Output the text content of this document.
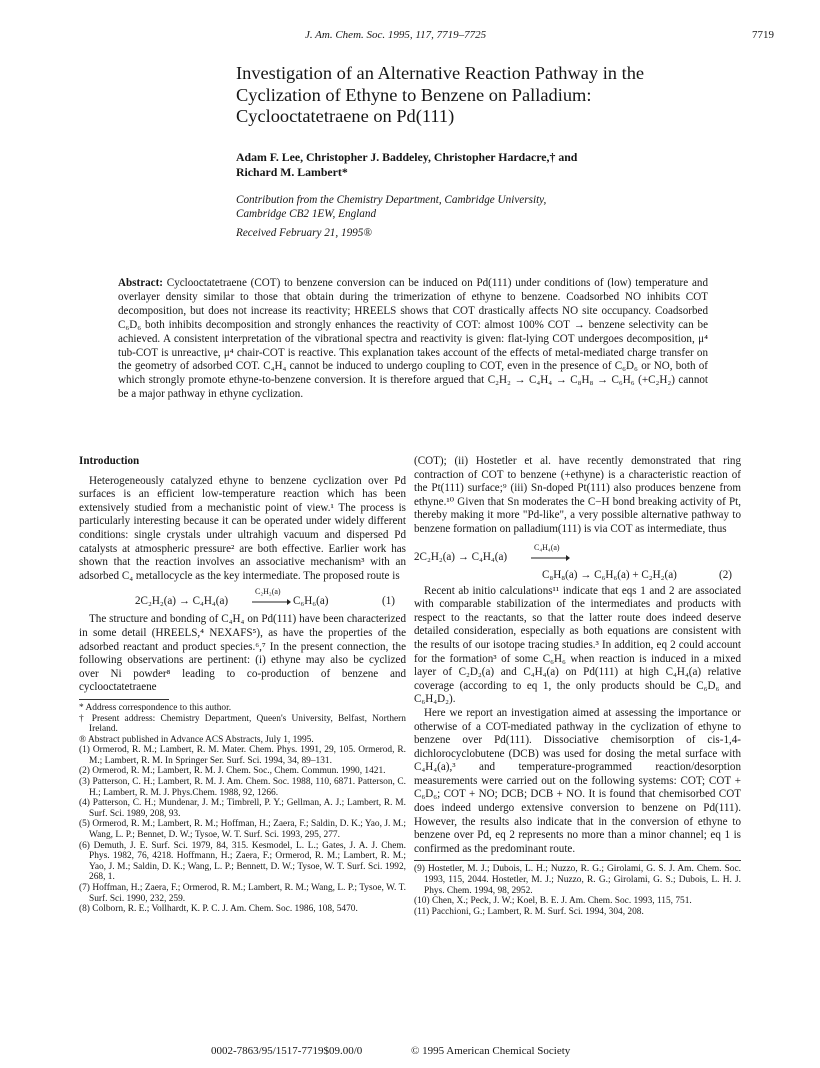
J. Am. Chem. Soc. 1995, 117, 7719–7725	7719
Investigation of an Alternative Reaction Pathway in the Cyclization of Ethyne to Benzene on Palladium: Cyclooctatetraene on Pd(111)
Adam F. Lee, Christopher J. Baddeley, Christopher Hardacre,† and
Richard M. Lambert*
Contribution from the Chemistry Department, Cambridge University,
Cambridge CB2 1EW, England
Received February 21, 1995®
Abstract: Cyclooctatetraene (COT) to benzene conversion can be induced on Pd(111) under conditions of (low) temperature and overlayer density similar to those that obtain during the trimerization of ethyne to benzene. Coadsorbed NO inhibits COT decomposition, but does not increase its reactivity; HREELS shows that COT drastically affects NO site occupancy. Coadsorbed C₆D₆ both inhibits decomposition and strongly enhances the reactivity of COT: almost 100% COT → benzene selectivity can be achieved. A consistent interpretation of the vibrational spectra and reactivity is given: flat-lying COT undergoes decomposition, μ⁴ tub-COT is unreactive, μ⁴ chair-COT is reactive. This explanation takes account of the effects of metal-mediated charge transfer on the geometry of adsorbed COT. C₄H₄ cannot be induced to undergo coupling to COT, even in the presence of C₆D₆ or NO, both of which strongly promote ethyne-to-benzene conversion. It is therefore argued that C₂H₂ → C₄H₄ → C₈H₈ → C₆H₆ (+C₂H₂) cannot be a major pathway in ethyne cyclization.
Introduction

Heterogeneously catalyzed ethyne to benzene cyclization over Pd surfaces is an efficient low-temperature reaction which has been extensively studied from a mechanistic point of view.¹ The process is particularly interesting because it can be operated under widely different conditions: single crystals under ultrahigh vacuum and dispersed Pd catalysts at atmospheric pressure² are both effective. Earlier work has shown that the reaction involves an associative mechanism³ with an adsorbed C₄ metallocycle as the key intermediate. The proposed route is

2C₂H₂(a) → C₄H₄(a)
C₂H₂(a)
C₆H₆(a)	(1)

The structure and bonding of C₄H₄ on Pd(111) have been characterized in some detail (HREELS,⁴ NEXAFS⁵), as have the properties of the adsorbed reactant and product species.⁶,⁷ In the present connection, the following observations are pertinent: (i) ethyne may also be cyclized over Ni powder⁸ leading to co-production of benzene and cyclooctatetraene

* Address correspondence to this author.
† Present address: Chemistry Department, Queen's University, Belfast, Northern Ireland.
® Abstract published in Advance ACS Abstracts, July 1, 1995.
(1) Ormerod, R. M.; Lambert, R. M. Mater. Chem. Phys. 1991, 29, 105. Ormerod, R. M.; Lambert, R. M. In Springer Ser. Surf. Sci. 1994, 34, 89–131.
(2) Ormerod, R. M.; Lambert, R. M. J. Chem. Soc., Chem. Commun. 1990, 1421.
(3) Patterson, C. H.; Lambert, R. M. J. Am. Chem. Soc. 1988, 110, 6871. Patterson, C. H.; Lambert, R. M. J. Phys.Chem. 1988, 92, 1266.
(4) Patterson, C. H.; Mundenar, J. M.; Timbrell, P. Y.; Gellman, A. J.; Lambert, R. M. Surf. Sci. 1989, 208, 93.
(5) Ormerod, R. M.; Lambert, R. M.; Hoffman, H.; Zaera, F.; Saldin, D. K.; Yao, J. M.; Wang, L. P.; Bennet, D. W.; Tysoe, W. T. Surf. Sci. 1993, 295, 277.
(6) Demuth, J. E. Surf. Sci. 1979, 84, 315. Kesmodel, L. L.; Gates, J. A. J. Chem. Phys. 1982, 76, 4218. Hoffmann, H.; Zaera, F.; Ormerod, R. M.; Lambert, R. M.; Yao, J. M.; Saldin, D. K.; Wang, L. P.; Bennett, D. W.; Tysoe, W. T. Surf. Sci. 1992, 268, 1.
(7) Hoffman, H.; Zaera, F.; Ormerod, R. M.; Lambert, R. M.; Wang, L. P.; Tysoe, W. T. Surf. Sci. 1990, 232, 259.
(8) Colborn, R. E.; Vollhardt, K. P. C. J. Am. Chem. Soc. 1986, 108, 5470.

(COT); (ii) Hostetler et al. have recently demonstrated that ring contraction of COT to benzene (+ethyne) is a characteristic reaction of the Pt(111) surface;⁹ (iii) Sn-doped Pt(111) also produces benzene from ethyne.¹⁰ Given that Sn moderates the C−H bond breaking activity of Pt, thereby making it more "Pd-like", a very possible alternative pathway to benzene formation on palladium(111) is via COT as intermediate, thus

2C₂H₂(a) → C₄H₄(a)
C₄H₄(a)
C₈H₈(a) → C₆H₆(a) + C₂H₂(a)	(2)

Recent ab initio calculations¹¹ indicate that eqs 1 and 2 are associated with comparable stabilization of the intermediates and products with respect to the reactants, so that the latter route does indeed deserve detailed consideration, especially as both equations are consistent with the results of our isotope tracing studies.³ In addition, eq 2 could account for the formation³ of some C₆H₆ when reaction is induced in a mixed layer of C₂D₂(a) and C₄H₄(a) on Pd(111) at high C₄H₄(a) relative coverage (according to eq 1, the only products should be C₆D₆ and C₆H₄D₂).

Here we report an investigation aimed at assessing the importance or otherwise of a COT-mediated pathway in the cyclization of ethyne to benzene over Pd(111). Dissociative chemisorption of cis-1,4-dichlorocyclobutene (DCB) was used for dosing the metal surface with C₄H₄(a),³ and temperature-programmed reaction/desorption measurements were carried out on the following systems: COT; COT + C₆D₆; COT + NO; DCB; DCB + NO. It is found that chemisorbed COT does indeed undergo extensive conversion to benzene on Pd(111). However, the results also indicate that in the conversion of ethyne to benzene over Pd, eq 2 represents no more than a minor channel; eq 1 is confirmed as the predominant route.

(9) Hostetler, M. J.; Dubois, L. H.; Nuzzo, R. G.; Girolami, G. S. J. Am. Chem. Soc. 1993, 115, 2044. Hostetler, M. J.; Nuzzo, R. G.; Girolami, G. S.; Dubois, L. H. J. Phys. Chem. 1994, 98, 2952.
(10) Chen, X.; Peck, J. W.; Koel, B. E. J. Am. Chem. Soc. 1993, 115, 751.
(11) Pacchioni, G.; Lambert, R. M. Surf. Sci. 1994, 304, 208.
0002-7863/95/1517-7719$09.00/0	© 1995 American Chemical Society
